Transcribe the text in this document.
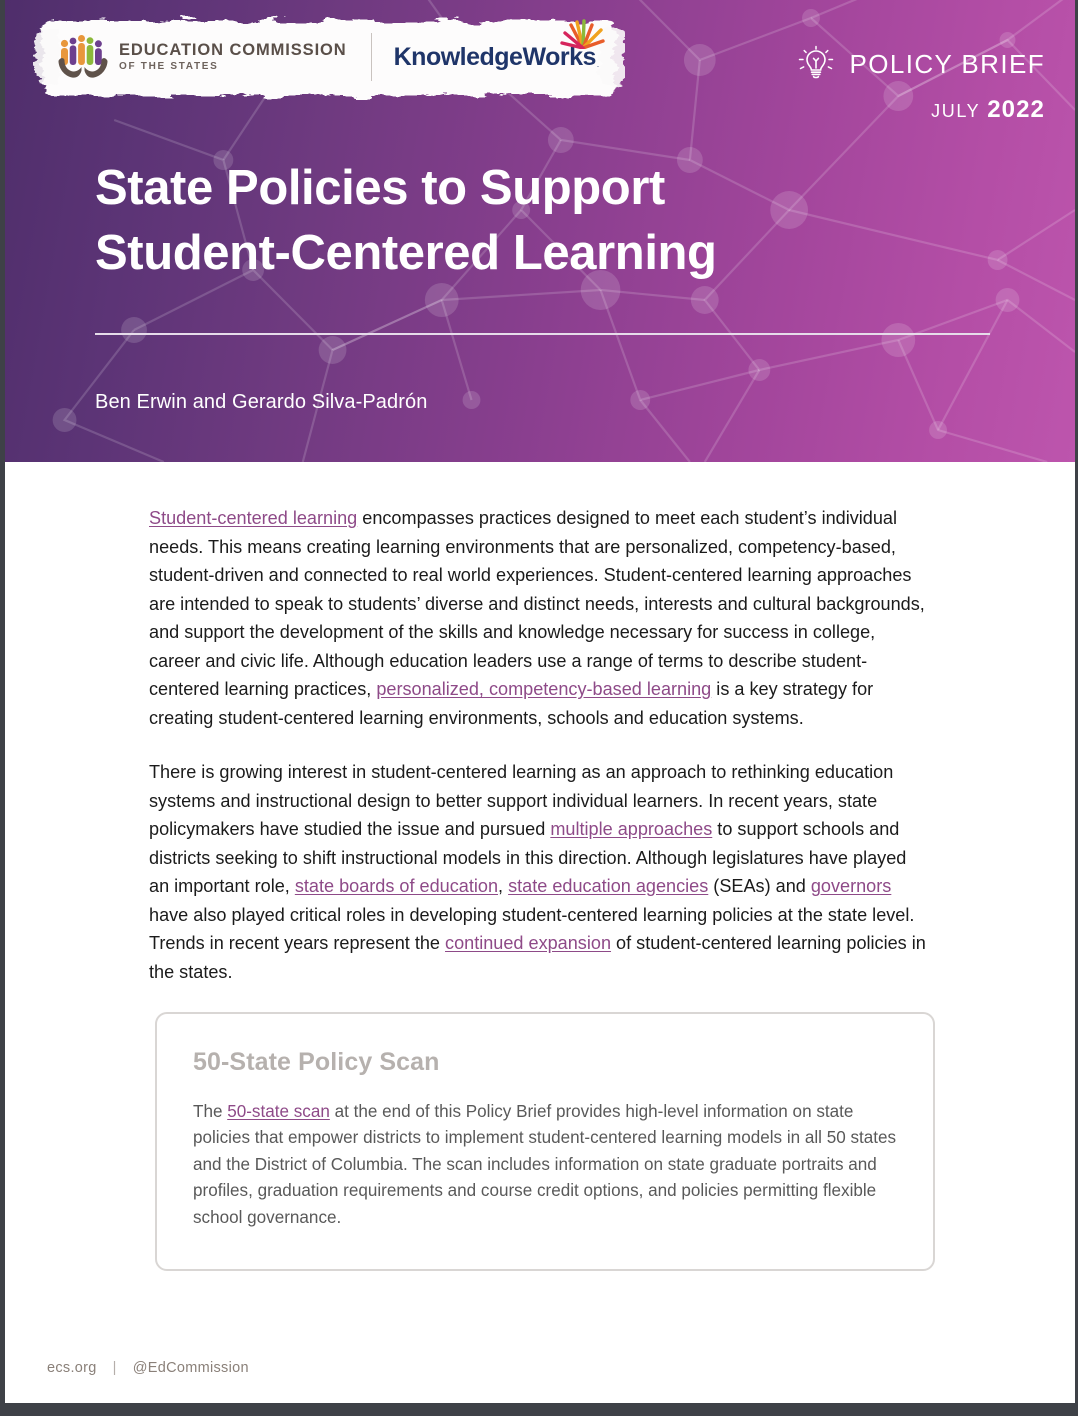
EDUCATION COMMISSION
OF THE STATES	KnowledgeWorks .	POLICY BRIEF
JULY 2022
State Policies to Support
Student-Centered Learning
Ben Erwin and Gerardo Silva-Padrón

Student-centered learning encompasses practices designed to meet each student’s individual needs. This means creating learning environments that are personalized, competency-based, student-driven and connected to real world experiences. Student-centered learning approaches are intended to speak to students’ diverse and distinct needs, interests and cultural backgrounds, and support the development of the skills and knowledge necessary for success in college, career and civic life. Although education leaders use a range of terms to describe student-centered learning practices, personalized, competency-based learning is a key strategy for creating student-centered learning environments, schools and education systems.

There is growing interest in student-centered learning as an approach to rethinking education systems and instructional design to better support individual learners. In recent years, state policymakers have studied the issue and pursued multiple approaches to support schools and districts seeking to shift instructional models in this direction. Although legislatures have played an important role, state boards of education, state education agencies (SEAs) and governors have also played critical roles in developing student-centered learning policies at the state level. Trends in recent years represent the continued expansion of student-centered learning policies in the states.

50-State Policy Scan

The 50-state scan at the end of this Policy Brief provides high-level information on state policies that empower districts to implement student-centered learning models in all 50 states and the District of Columbia. The scan includes information on state graduate portraits and profiles, graduation requirements and course credit options, and policies permitting flexible school governance.

ecs.org | @EdCommission
